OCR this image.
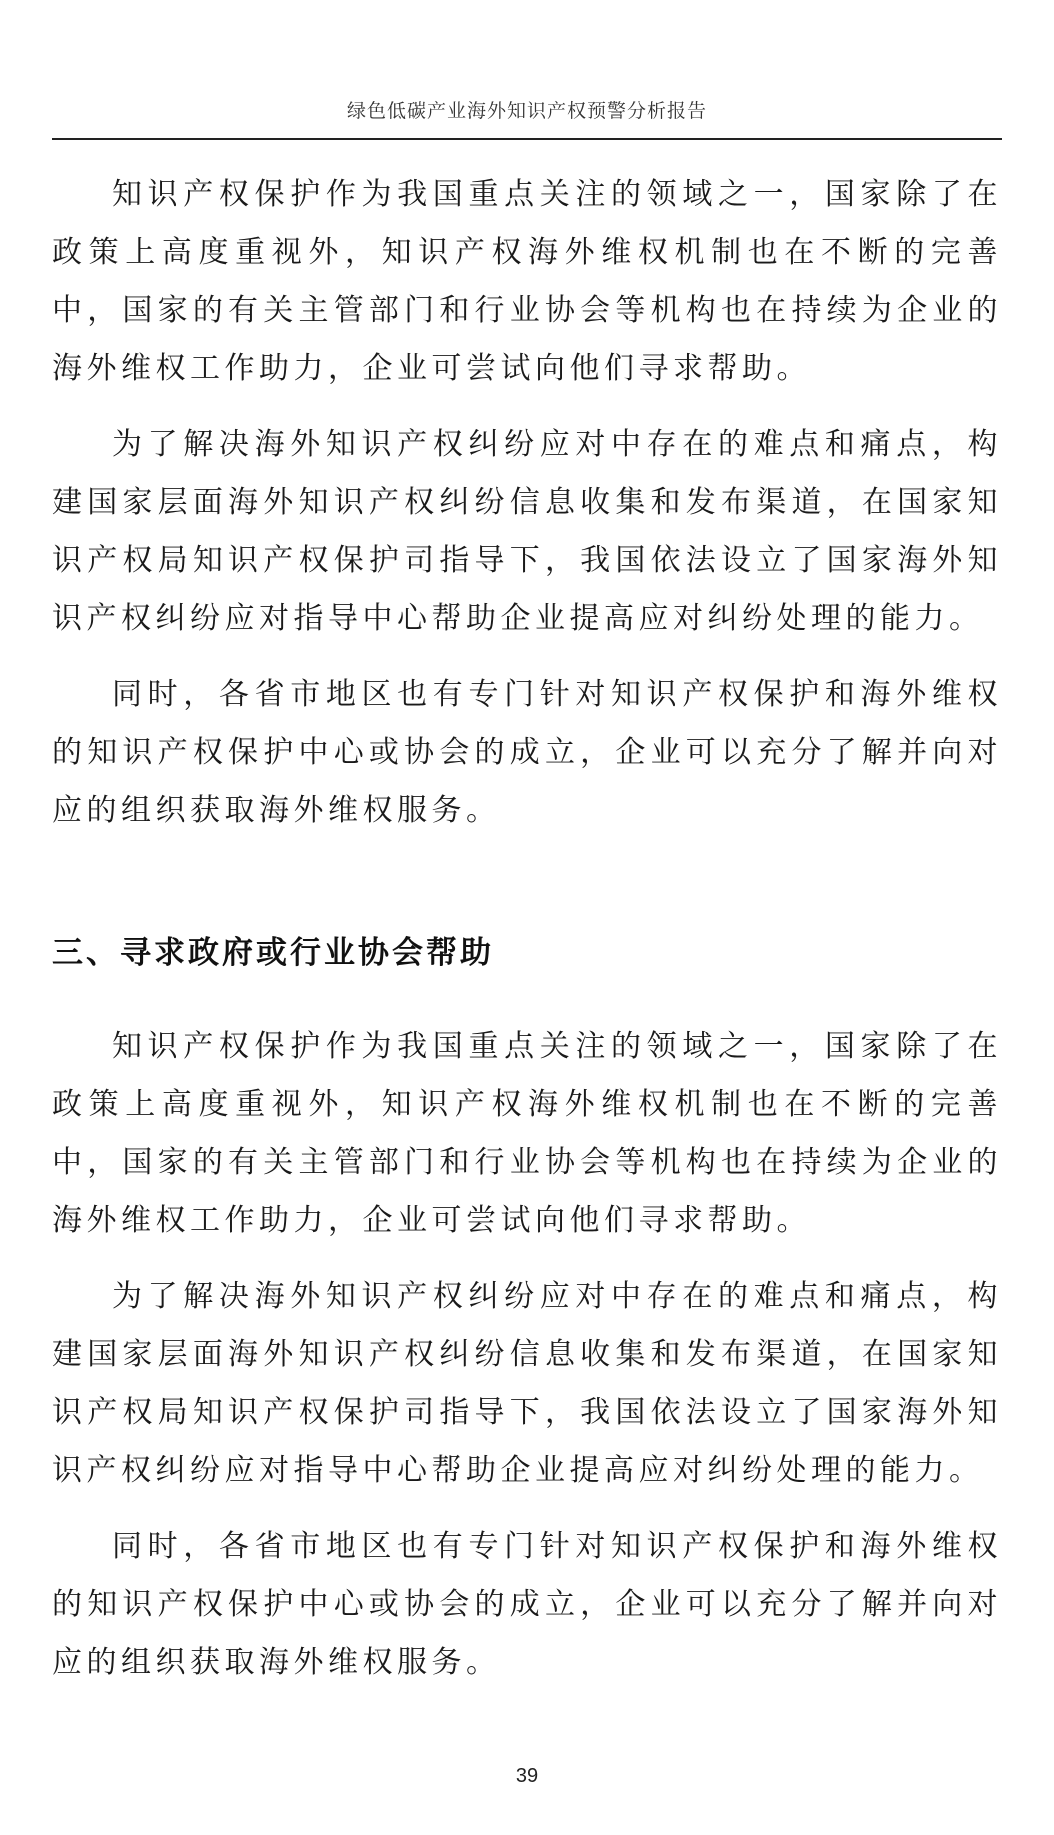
绿色低碳产业海外知识产权预警分析报告

知识产权保护作为我国重点关注的领域之一，国家除了在政策上高度重视外，知识产权海外维权机制也在不断的完善中，国家的有关主管部门和行业协会等机构也在持续为企业的海外维权工作助力，企业可尝试向他们寻求帮助。

为了解决海外知识产权纠纷应对中存在的难点和痛点，构建国家层面海外知识产权纠纷信息收集和发布渠道，在国家知识产权局知识产权保护司指导下，我国依法设立了国家海外知识产权纠纷应对指导中心帮助企业提高应对纠纷处理的能力。

同时，各省市地区也有专门针对知识产权保护和海外维权的知识产权保护中心或协会的成立，企业可以充分了解并向对应的组织获取海外维权服务。

三、寻求政府或行业协会帮助

知识产权保护作为我国重点关注的领域之一，国家除了在政策上高度重视外，知识产权海外维权机制也在不断的完善中，国家的有关主管部门和行业协会等机构也在持续为企业的海外维权工作助力，企业可尝试向他们寻求帮助。

为了解决海外知识产权纠纷应对中存在的难点和痛点，构建国家层面海外知识产权纠纷信息收集和发布渠道，在国家知识产权局知识产权保护司指导下，我国依法设立了国家海外知识产权纠纷应对指导中心帮助企业提高应对纠纷处理的能力。

同时，各省市地区也有专门针对知识产权保护和海外维权的知识产权保护中心或协会的成立，企业可以充分了解并向对应的组织获取海外维权服务。

39
